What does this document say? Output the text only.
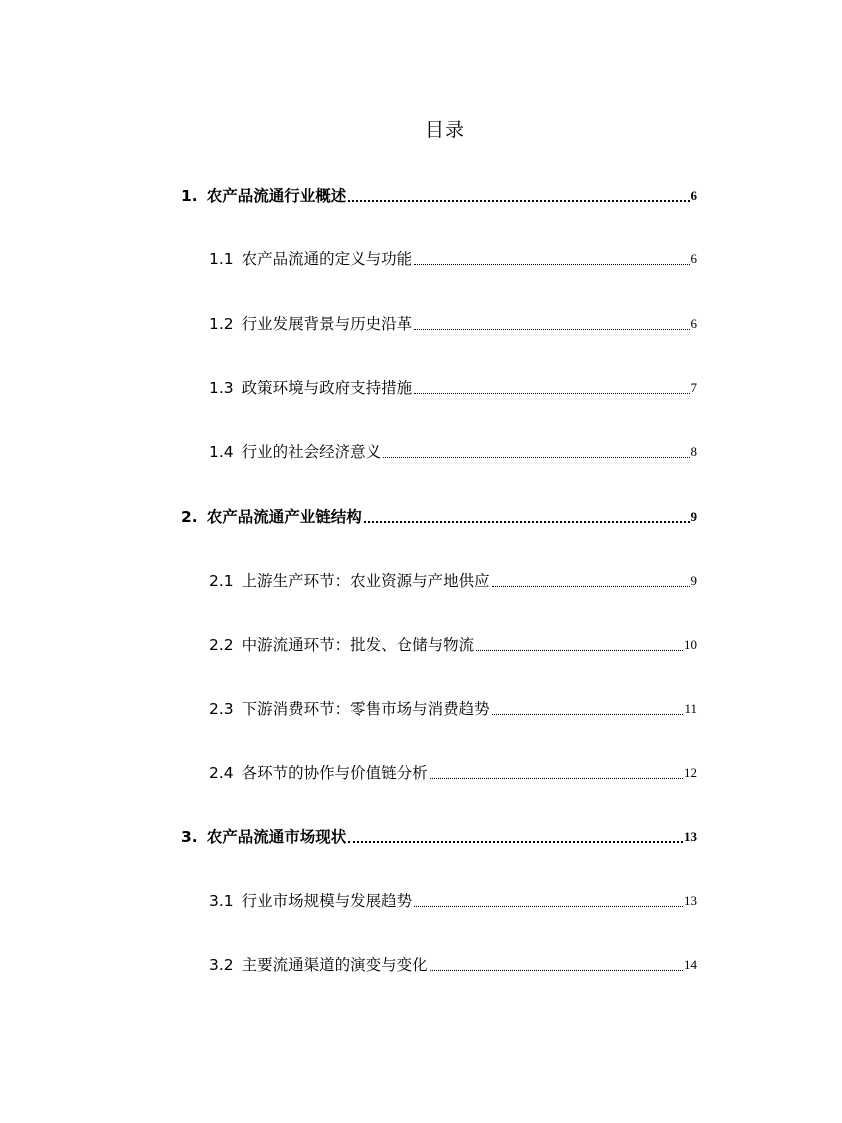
目录
1. 农产品流通行业概述	6
1.1 农产品流通的定义与功能	6
1.2 行业发展背景与历史沿革	6
1.3 政策环境与政府支持措施	7
1.4 行业的社会经济意义	8
2. 农产品流通产业链结构	9
2.1 上游生产环节：农业资源与产地供应	9
2.2 中游流通环节：批发、仓储与物流	10
2.3 下游消费环节：零售市场与消费趋势	11
2.4 各环节的协作与价值链分析	12
3. 农产品流通市场现状	13
3.1 行业市场规模与发展趋势	13
3.2 主要流通渠道的演变与变化	14
